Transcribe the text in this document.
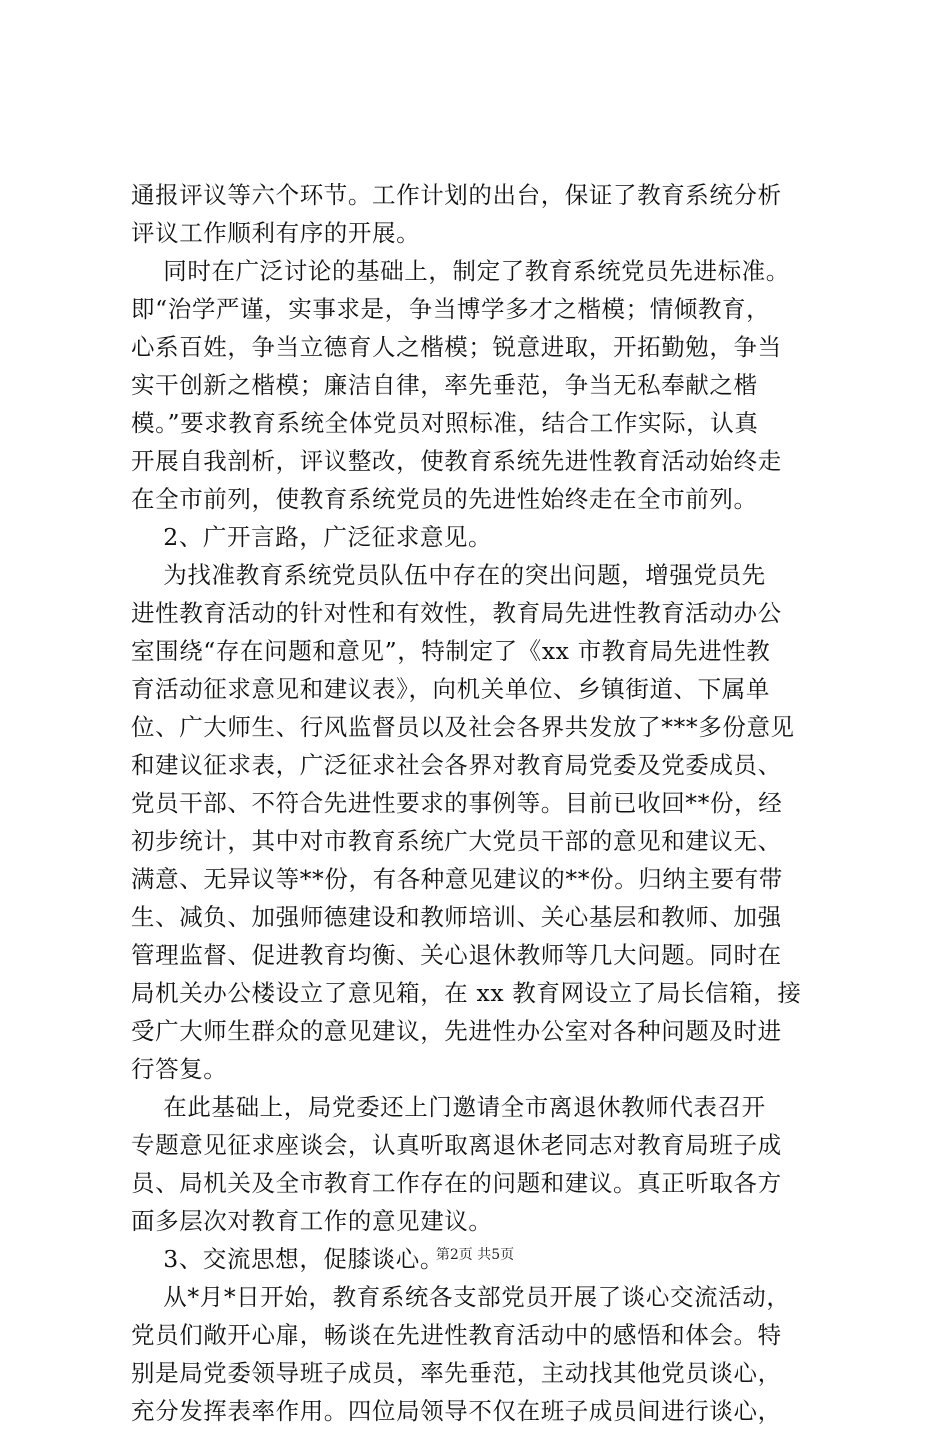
通报评议等六个环节。工作计划的出台，保证了教育系统分析
评议工作顺利有序的开展。
同时在广泛讨论的基础上，制定了教育系统党员先进标准。
即“治学严谨，实事求是，争当博学多才之楷模；情倾教育，
心系百姓，争当立德育人之楷模；锐意进取，开拓勤勉，争当
实干创新之楷模；廉洁自律，率先垂范，争当无私奉献之楷
模。”要求教育系统全体党员对照标准，结合工作实际，认真
开展自我剖析，评议整改，使教育系统先进性教育活动始终走
在全市前列，使教育系统党员的先进性始终走在全市前列。
2、广开言路，广泛征求意见。
为找准教育系统党员队伍中存在的突出问题，增强党员先
进性教育活动的针对性和有效性，教育局先进性教育活动办公
室围绕“存在问题和意见”，特制定了《xx 市教育局先进性教
育活动征求意见和建议表》，向机关单位、乡镇街道、下属单
位、广大师生、行风监督员以及社会各界共发放了***多份意见
和建议征求表，广泛征求社会各界对教育局党委及党委成员、
党员干部、不符合先进性要求的事例等。目前已收回**份，经
初步统计，其中对市教育系统广大党员干部的意见和建议无、
满意、无异议等**份，有各种意见建议的**份。归纳主要有带
生、减负、加强师德建设和教师培训、关心基层和教师、加强
管理监督、促进教育均衡、关心退休教师等几大问题。同时在
局机关办公楼设立了意见箱，在 xx 教育网设立了局长信箱，接
受广大师生群众的意见建议，先进性办公室对各种问题及时进
行答复。
在此基础上，局党委还上门邀请全市离退休教师代表召开
专题意见征求座谈会，认真听取离退休老同志对教育局班子成
员、局机关及全市教育工作存在的问题和建议。真正听取各方
面多层次对教育工作的意见建议。
3、交流思想，促膝谈心。
从*月*日开始，教育系统各支部党员开展了谈心交流活动，
党员们敞开心扉，畅谈在先进性教育活动中的感悟和体会。特
别是局党委领导班子成员，率先垂范，主动找其他党员谈心，
充分发挥表率作用。四位局领导不仅在班子成员间进行谈心，
第2页 共5页
